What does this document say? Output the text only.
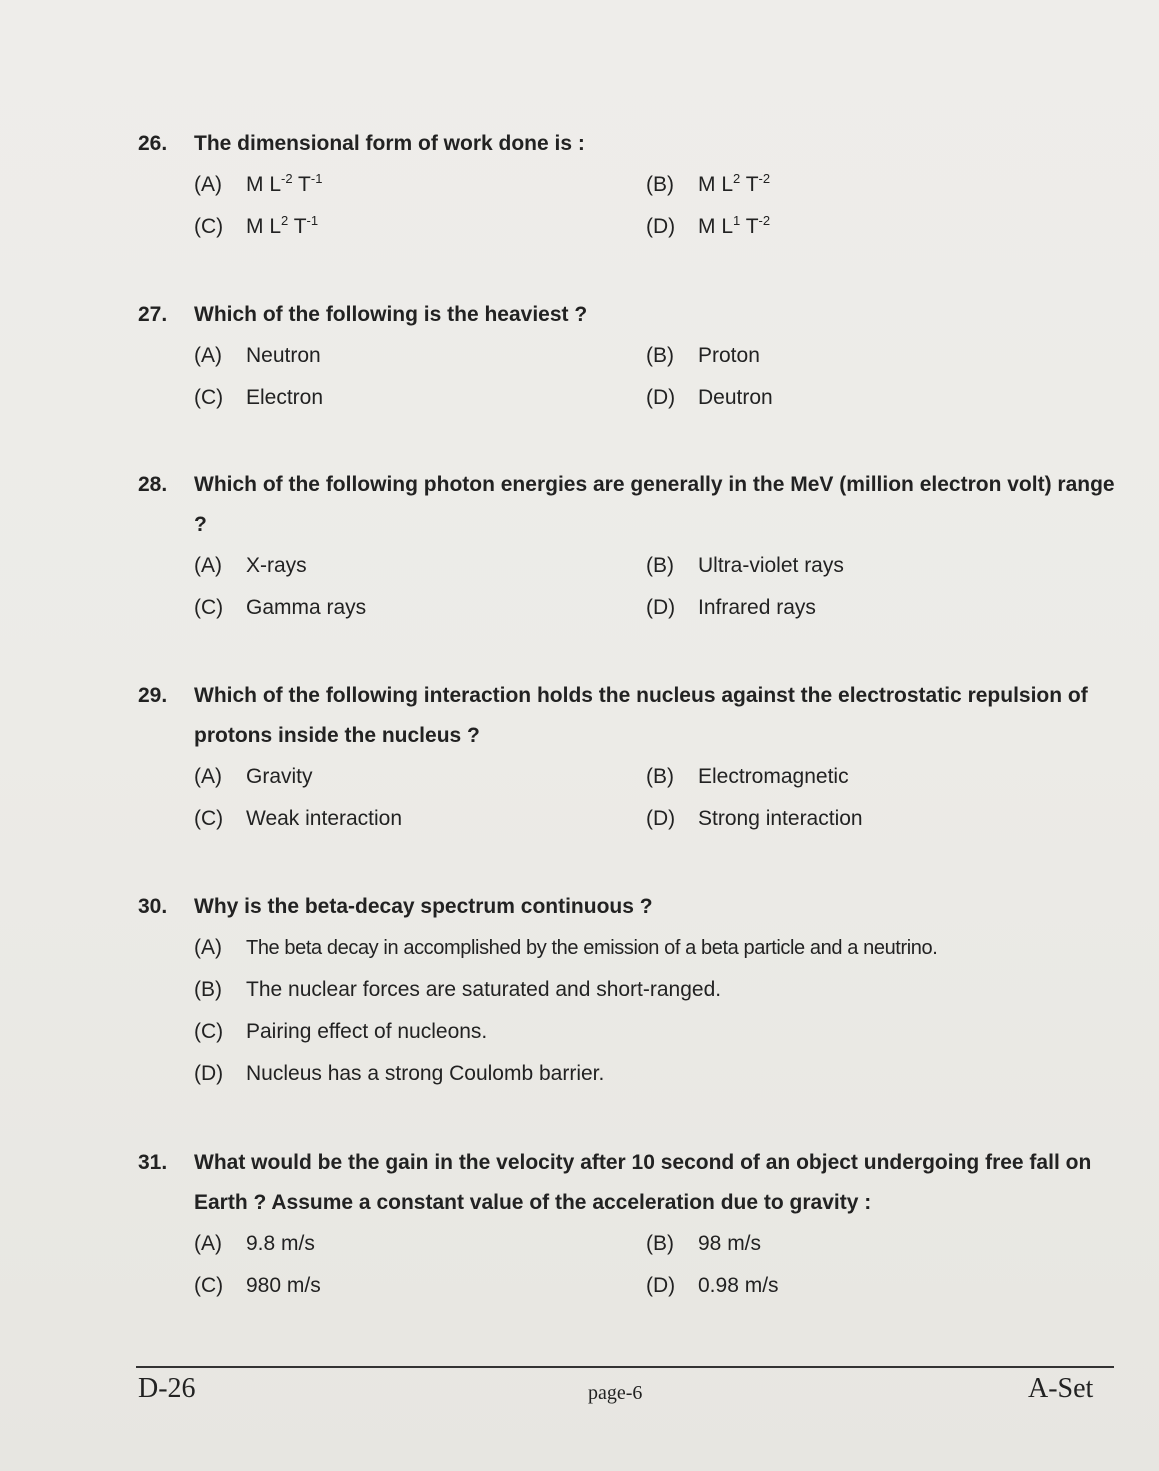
26.	The dimensional form of work done is :
(A)	M $L^{-2}$ $T^{-1}$	(B)	M $L^2$ $T^{-2}$
(C)	M $L^2$ $T^{-1}$	(D)	M $L^1$ $T^{-2}$
27.	Which of the following is the heaviest ?
(A)	Neutron	(B)	Proton
(C)	Electron	(D)	Deutron
28.	Which of the following photon energies are generally in the MeV (million electron volt) range ?
(A)	X-rays	(B)	Ultra-violet rays
(C)	Gamma rays	(D)	Infrared rays
29.	Which of the following interaction holds the nucleus against the electrostatic repulsion of protons inside the nucleus ?
(A)	Gravity	(B)	Electromagnetic
(C)	Weak interaction	(D)	Strong interaction
30.	Why is the beta-decay spectrum continuous ?
(A)	The beta decay in accomplished by the emission of a beta particle and a neutrino.
(B)	The nuclear forces are saturated and short-ranged.
(C)	Pairing effect of nucleons.
(D)	Nucleus has a strong Coulomb barrier.
31.	What would be the gain in the velocity after 10 second of an object undergoing free fall on Earth ? Assume a constant value of the acceleration due to gravity :
(A)	9.8 m/s	(B)	98 m/s
(C)	980 m/s	(D)	0.98 m/s
D-26	page-6	A-Set
